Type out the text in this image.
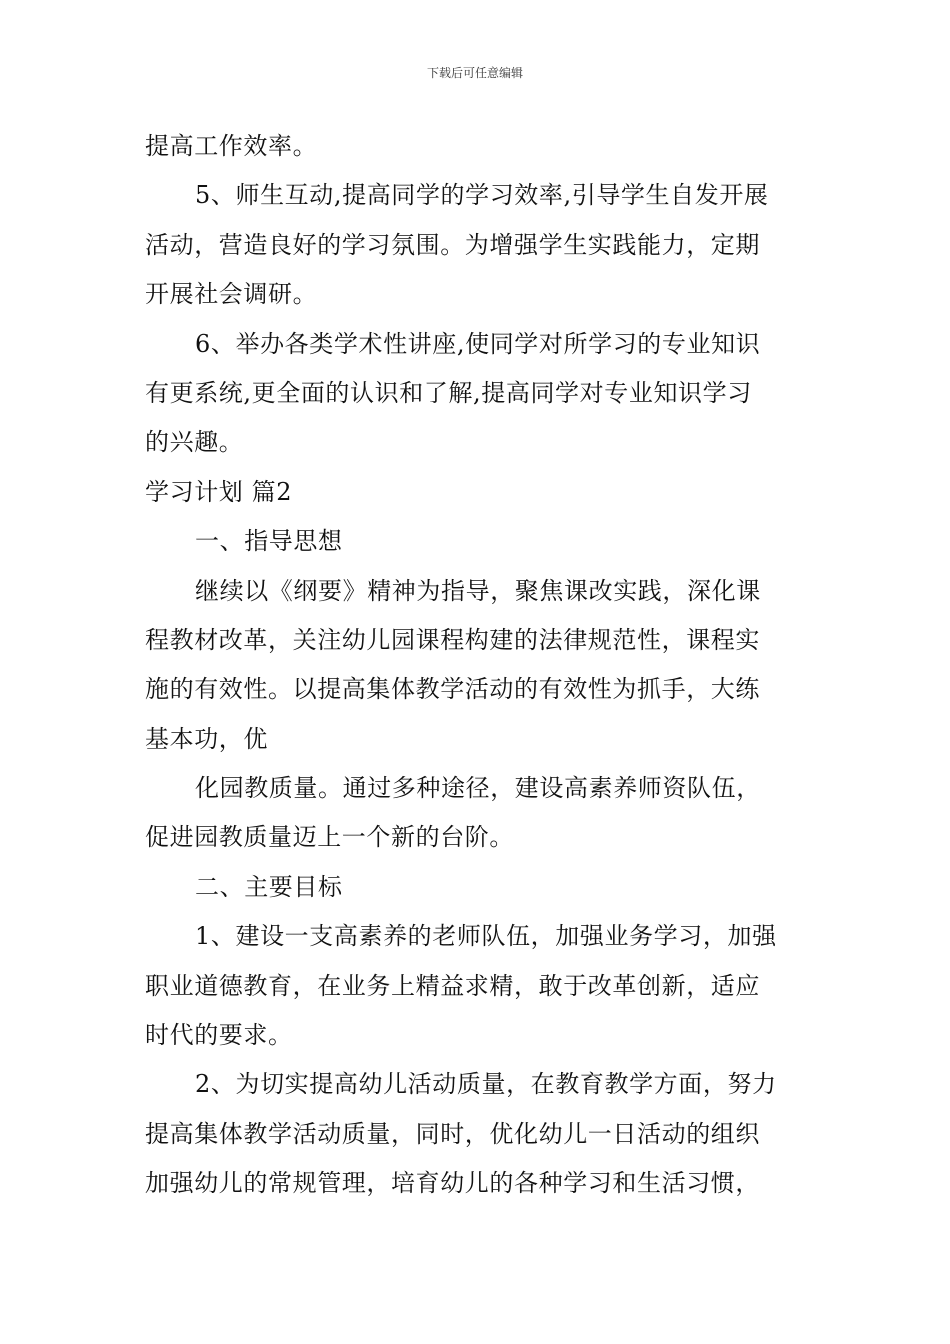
下载后可任意编辑
提高工作效率。
5、师生互动,提高同学的学习效率,引导学生自发开展
活动，营造良好的学习氛围。为增强学生实践能力，定期
开展社会调研。
6、举办各类学术性讲座,使同学对所学习的专业知识
有更系统,更全面的认识和了解,提高同学对专业知识学习
的兴趣。
学习计划 篇2
一、指导思想
继续以《纲要》精神为指导，聚焦课改实践，深化课
程教材改革，关注幼儿园课程构建的法律规范性，课程实
施的有效性。以提高集体教学活动的有效性为抓手，大练
基本功，优
化园教质量。通过多种途径，建设高素养师资队伍，
促进园教质量迈上一个新的台阶。
二、主要目标
1、建设一支高素养的老师队伍，加强业务学习，加强
职业道德教育，在业务上精益求精，敢于改革创新，适应
时代的要求。
2、为切实提高幼儿活动质量，在教育教学方面，努力
提高集体教学活动质量，同时，优化幼儿一日活动的组织
加强幼儿的常规管理，培育幼儿的各种学习和生活习惯，
